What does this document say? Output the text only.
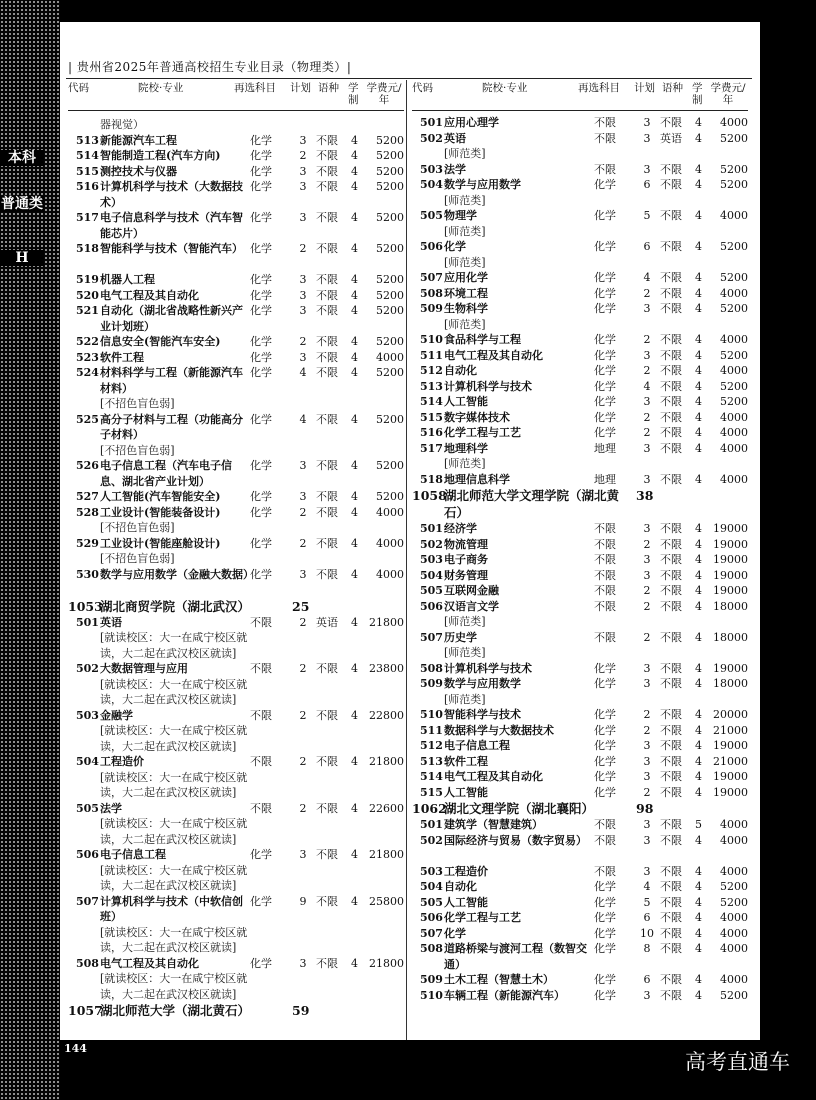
本科
普通类
H
| 贵州省2025年普通高校招生专业目录（物理类）|
代码	院校·专业	再选科目 计划 语种 学制
学费元/年
器视觉）
513 新能源汽车工程	化学	3 不限	4	5200
514 智能制造工程(汽车方向)	化学	2 不限	4	5200
515 测控技术与仪器	化学	3 不限	4	5200
516 计算机科学与技术（大数据技术）
化学	3 不限	4	5200
517 电子信息科学与技术（汽车智能芯片）
化学	3 不限	4	5200
518 智能科学与技术（智能汽车） 化学	2 不限	4	5200
519 机器人工程	化学	3 不限	4	5200
520 电气工程及其自动化	化学	3 不限	4	5200
521 自动化（湖北省战略性新兴产业计划班）
化学	3 不限	4	5200
522 信息安全(智能汽车安全)	化学	2 不限	4	5200
523 软件工程	化学	3 不限	4	4000
524 材料科学与工程（新能源汽车材料）
化学	4 不限	4	5200
[不招色盲色弱]
525 高分子材料与工程（功能高分子材料）
化学	4 不限	4	5200
[不招色盲色弱]
526 电子信息工程（汽车电子信息、湖北省产业计划）
化学	3 不限	4	5200
527 人工智能(汽车智能安全)	化学	3 不限	4	5200
528 工业设计(智能装备设计)	化学	2 不限	4	4000
[不招色盲色弱]
529 工业设计(智能座舱设计)	化学	2 不限	4	4000
[不招色盲色弱]
530 数学与应用数学（金融大数据）
化学	3 不限	4	4000
1053
湖北商贸学院（湖北武汉）	25
501 英语	不限	2 英语	4 21800
[就读校区：大一在咸宁校区就读，大二起在武汉校区就读]
502 大数据管理与应用	不限	2 不限	4 23800
[就读校区：大一在咸宁校区就读，大二起在武汉校区就读]
503 金融学	不限	2 不限	4 22800
[就读校区：大一在咸宁校区就读，大二起在武汉校区就读]
504 工程造价	不限	2 不限	4 21800
[就读校区：大一在咸宁校区就读，大二起在武汉校区就读]
505 法学	不限	2 不限	4 22600
[就读校区：大一在咸宁校区就读，大二起在武汉校区就读]
506 电子信息工程	化学	3 不限	4 21800
[就读校区：大一在咸宁校区就读，大二起在武汉校区就读]
507 计算机科学与技术（中软信创班）
化学	9 不限	4 25800
[就读校区：大一在咸宁校区就读，大二起在武汉校区就读]
508 电气工程及其自动化	化学	3 不限	4 21800
[就读校区：大一在咸宁校区就读，大二起在武汉校区就读]
1057
湖北师范大学（湖北黄石）	59
代码	院校·专业	再选科目 计划 语种 学制
学费元/年
501 应用心理学	不限	3 不限	4	4000
502 英语	不限	3 英语	4	5200
[师范类]
503 法学	不限	3 不限	4	5200
504 数学与应用数学	化学	6 不限	4	5200
[师范类]
505 物理学	化学	5 不限	4	4000
[师范类]
506 化学	化学	6 不限	4	5200
[师范类]
507 应用化学	化学	4 不限	4	5200
508 环境工程	化学	2 不限	4	4000
509 生物科学	化学	3 不限	4	5200
[师范类]
510 食品科学与工程	化学	2 不限	4	4000
511 电气工程及其自动化	化学	3 不限	4	5200
512 自动化	化学	2 不限	4	4000
513 计算机科学与技术	化学	4 不限	4	5200
514 人工智能	化学	3 不限	4	5200
515 数字媒体技术	化学	2 不限	4	4000
516 化学工程与工艺	化学	2 不限	4	4000
517 地理科学	地理	3 不限	4	4000
[师范类]
518 地理信息科学	地理	3 不限	4	4000
1058
湖北师范大学文理学院（湖北黄石）
38
501 经济学	不限	3 不限	4 19000
502 物流管理	不限	2 不限	4 19000
503 电子商务	不限	3 不限	4 19000
504 财务管理	不限	3 不限	4 19000
505 互联网金融	不限	2 不限	4 19000
506 汉语言文学	不限	2 不限	4 18000
[师范类]
507 历史学	不限	2 不限	4 18000
[师范类]
508 计算机科学与技术	化学	3 不限	4 19000
509 数学与应用数学	化学	3 不限	4 18000
[师范类]
510 智能科学与技术	化学	2 不限	4 20000
511 数据科学与大数据技术	化学	2 不限	4 21000
512 电子信息工程	化学	3 不限	4 19000
513 软件工程	化学	3 不限	4 21000
514 电气工程及其自动化	化学	3 不限	4 19000
515 人工智能	化学	2 不限	4 19000
1062
湖北文理学院（湖北襄阳）	98
501 建筑学（智慧建筑）	不限	3 不限	5	4000
502 国际经济与贸易（数字贸易） 不限	3 不限	4	4000
503 工程造价	不限	3 不限	4	4000
504 自动化	化学	4 不限	4	5200
505 人工智能	化学	5 不限	4	5200
506 化学工程与工艺	化学	6 不限	4	4000
507 化学	化学	10 不限	4	4000
508 道路桥梁与渡河工程（数智交通）
化学	8 不限	4	4000
509 土木工程（智慧土木）	化学	6 不限	4	4000
510 车辆工程（新能源汽车）	化学	3 不限	4	5200
144
高考直通车
